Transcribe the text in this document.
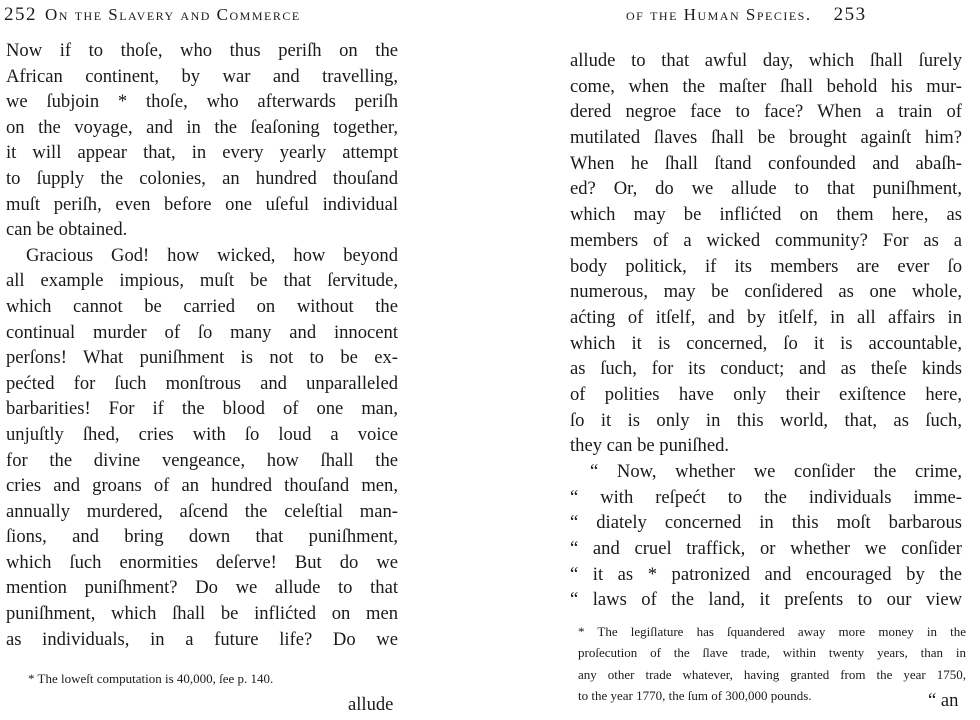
252 On the Slavery and Commerce
Now if to thoſe, who thus periſh on the
African continent, by war and travelling,
we ſubjoin * thoſe, who afterwards periſh
on the voyage, and in the ſeaſoning together,
it will appear that, in every yearly attempt
to ſupply the colonies, an hundred thouſand
muſt periſh, even before one uſeful individual
can be obtained.
Gracious God! how wicked, how beyond
all example impious, muſt be that ſervitude,
which cannot be carried on without the
continual murder of ſo many and innocent
perſons! What puniſhment is not to be ex-
pećted for ſuch monſtrous and unparalleled
barbarities! For if the blood of one man,
unjuſtly ſhed, cries with ſo loud a voice
for the divine vengeance, how ſhall the
cries and groans of an hundred thouſand men,
annually murdered, aſcend the celeſtial man-
ſions, and bring down that puniſhment,
which ſuch enormities deſerve! But do we
mention puniſhment? Do we allude to that
puniſhment, which ſhall be inflićted on men
as individuals, in a future life? Do we
* The loweſt computation is 40,000, ſee p. 140.
allude
of the Human Species. 253
allude to that awful day, which ſhall ſurely
come, when the maſter ſhall behold his mur-
dered negroe face to face? When a train of
mutilated ſlaves ſhall be brought againſt him?
When he ſhall ſtand confounded and abaſh-
ed? Or, do we allude to that puniſhment,
which may be inflićted on them here, as
members of a wicked community? For as a
body politick, if its members are ever ſo
numerous, may be conſidered as one whole,
aćting of itſelf, and by itſelf, in all affairs in
which it is concerned, ſo it is accountable,
as ſuch, for its conduct; and as theſe kinds
of polities have only their exiſtence here,
ſo it is only in this world, that, as ſuch,
they can be puniſhed.
“ Now, whether we conſider the crime,
“ with reſpećt to the individuals imme-
“ diately concerned in this moſt barbarous
“ and cruel traffick, or whether we conſider
“ it as * patronized and encouraged by the
“ laws of the land, it preſents to our view
* The legiſlature has ſquandered away more money in the
proſecution of the ſlave trade, within twenty years, than in
any other trade whatever, having granted from the year 1750,
to the year 1770, the ſum of 300,000 pounds.	“ an
